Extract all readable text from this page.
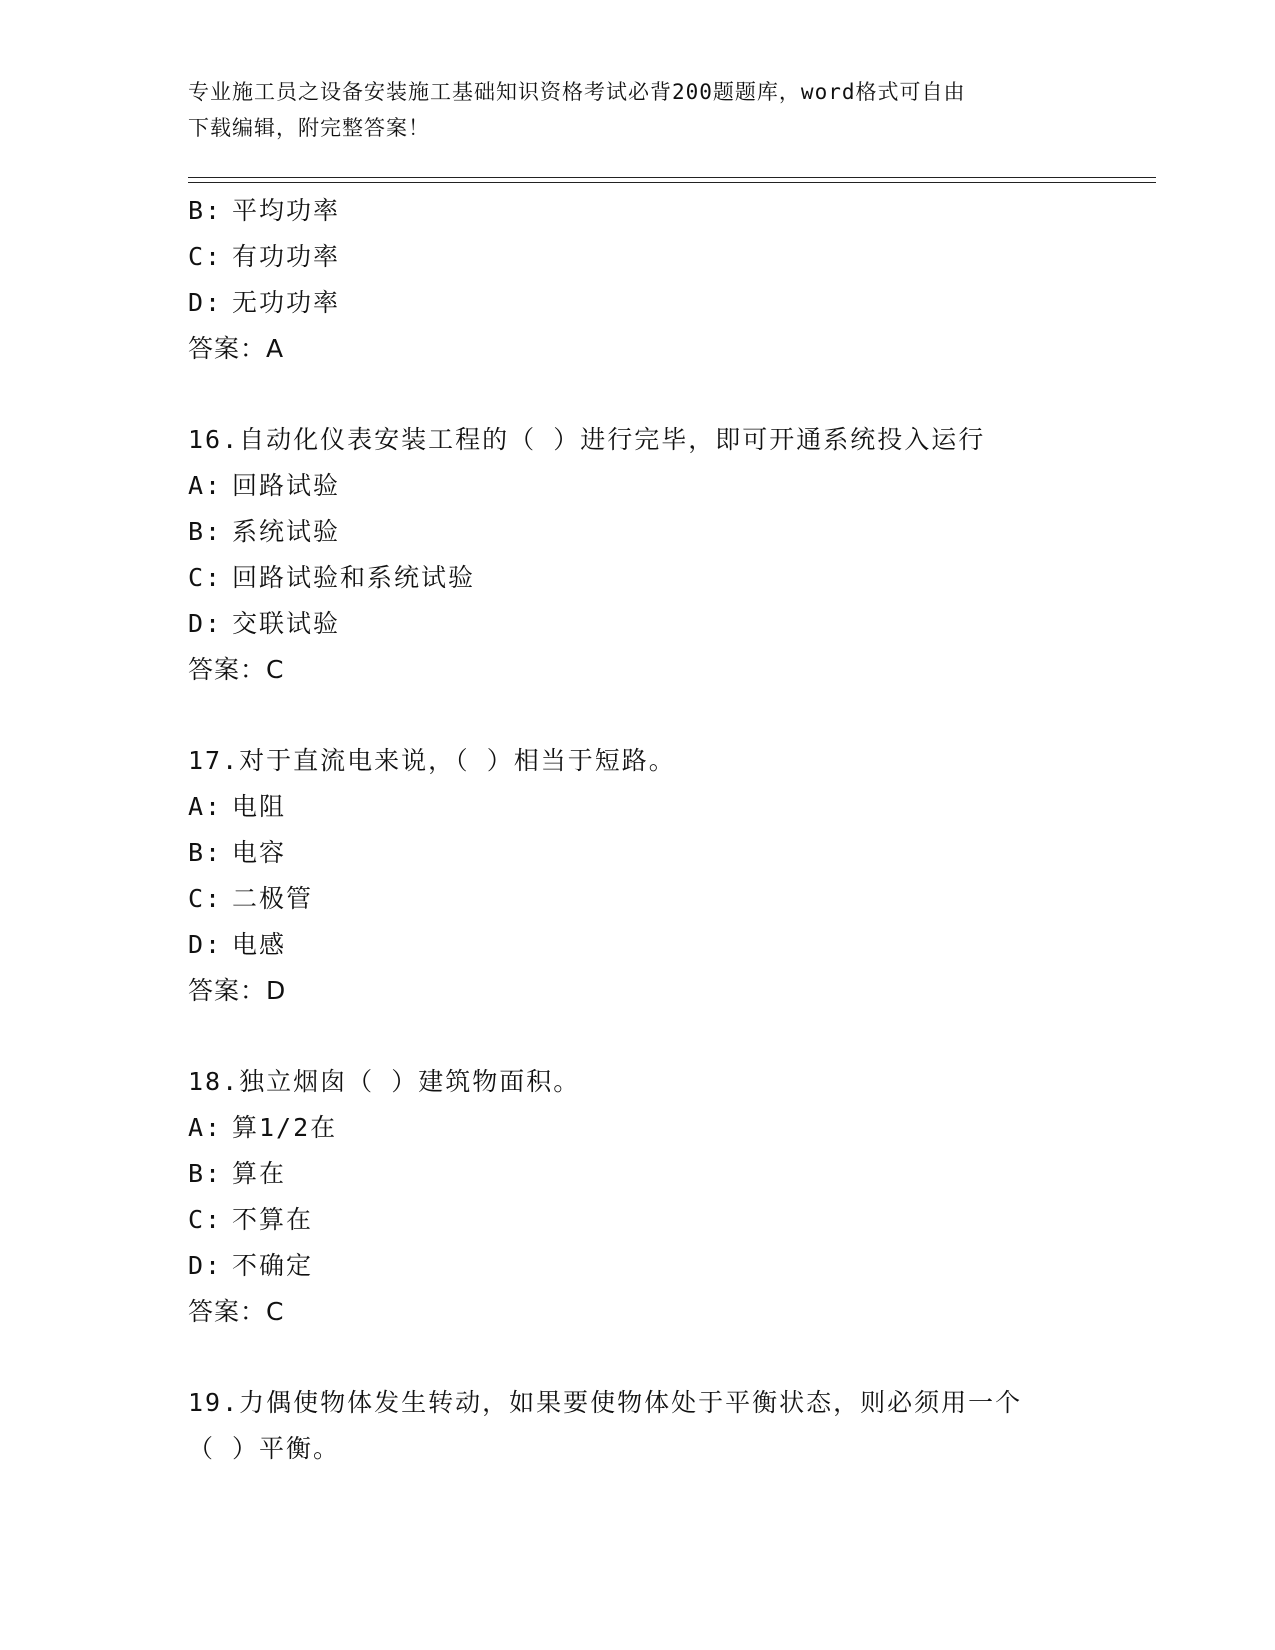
专业施工员之设备安装施工基础知识资格考试必背200题题库，word格式可自由
下载编辑，附完整答案！
B: 平均功率
C: 有功功率
D: 无功功率
答案：A
16.自动化仪表安装工程的（ ）进行完毕，即可开通系统投入运行
A: 回路试验
B: 系统试验
C: 回路试验和系统试验
D: 交联试验
答案：C
17.对于直流电来说，（ ）相当于短路。
A: 电阻
B: 电容
C: 二极管
D: 电感
答案：D
18.独立烟囱（ ）建筑物面积。
A: 算1/2在
B: 算在
C: 不算在
D: 不确定
答案：C
19.力偶使物体发生转动，如果要使物体处于平衡状态，则必须用一个
（ ）平衡。
